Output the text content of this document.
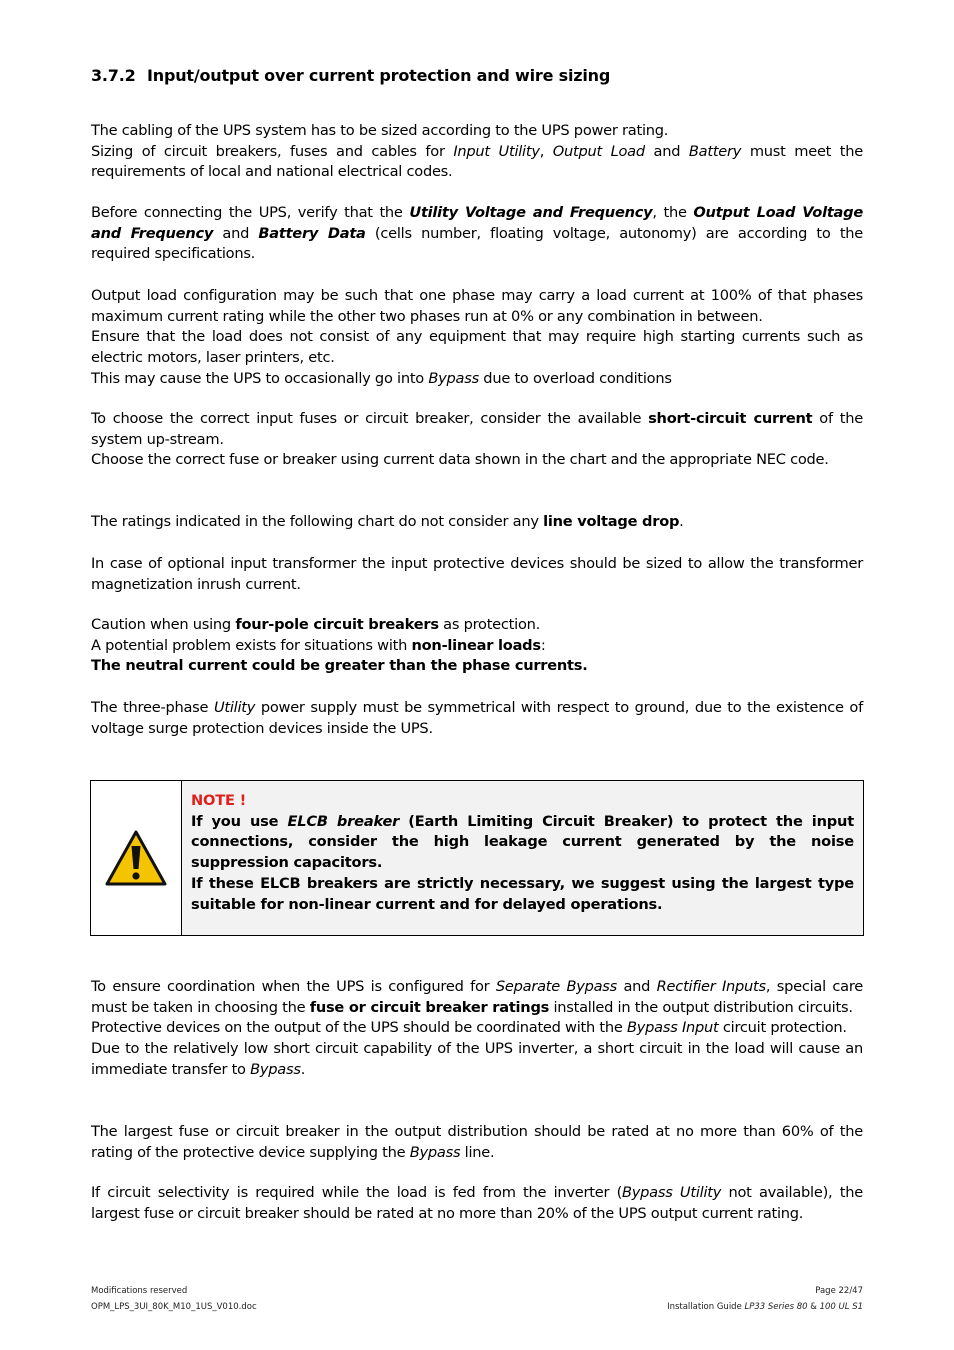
3.7.2 Input/output over current protection and wire sizing

The cabling of the UPS system has to be sized according to the UPS power rating.
Sizing of circuit breakers, fuses and cables for Input Utility, Output Load and Battery must meet the requirements of local and national electrical codes.

Before connecting the UPS, verify that the Utility Voltage and Frequency, the Output Load Voltage and Frequency and Battery Data (cells number, floating voltage, autonomy) are according to the required specifications.

Output load configuration may be such that one phase may carry a load current at 100% of that phases maximum current rating while the other two phases run at 0% or any combination in between.
Ensure that the load does not consist of any equipment that may require high starting currents such as electric motors, laser printers, etc.
This may cause the UPS to occasionally go into Bypass due to overload conditions

To choose the correct input fuses or circuit breaker, consider the available short-circuit current of the system up-stream.
Choose the correct fuse or breaker using current data shown in the chart and the appropriate NEC code.

The ratings indicated in the following chart do not consider any line voltage drop.

In case of optional input transformer the input protective devices should be sized to allow the transformer magnetization inrush current.

Caution when using four-pole circuit breakers as protection.
A potential problem exists for situations with non-linear loads:
The neutral current could be greater than the phase currents.

The three-phase Utility power supply must be symmetrical with respect to ground, due to the existence of voltage surge protection devices inside the UPS.

NOTE !

If you use ELCB breaker (Earth Limiting Circuit Breaker) to protect the input connections, consider the high leakage current generated by the noise suppression capacitors.

If these ELCB breakers are strictly necessary, we suggest using the largest type suitable for non-linear current and for delayed operations.

To ensure coordination when the UPS is configured for Separate Bypass and Rectifier Inputs, special care must be taken in choosing the fuse or circuit breaker ratings installed in the output distribution circuits.
Protective devices on the output of the UPS should be coordinated with the Bypass Input circuit protection.
Due to the relatively low short circuit capability of the UPS inverter, a short circuit in the load will cause an immediate transfer to Bypass.

The largest fuse or circuit breaker in the output distribution should be rated at no more than 60% of the rating of the protective device supplying the Bypass line.

If circuit selectivity is required while the load is fed from the inverter (Bypass Utility not available), the largest fuse or circuit breaker should be rated at no more than 20% of the UPS output current rating.

Modifications reserved
OPM_LPS_3UI_80K_M10_1US_V010.doc
Page 22/47
Installation Guide LP33 Series 80 & 100 UL S1
